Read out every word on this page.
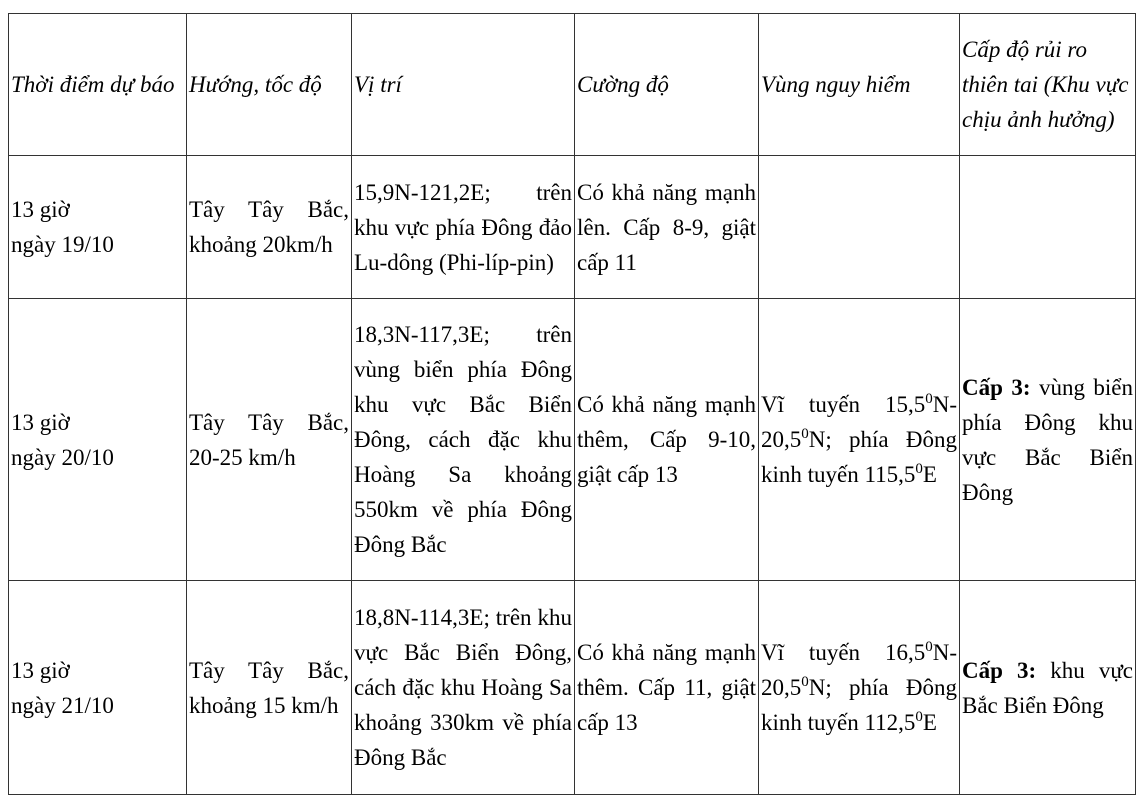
Thời điểm dự báo	Hướng, tốc độ	Vị trí	Cường độ	Vùng nguy hiểm	Cấp độ rủi ro thiên tai (Khu vực chịu ảnh hưởng)

13 giờ
ngày 19/10	Tây Tây Bắc, khoảng 20km/h	15,9N-121,2E; trên khu vực phía Đông đảo Lu-dông (Phi-líp-pin)	Có khả năng mạnh lên. Cấp 8-9, giật cấp 11		

13 giờ
ngày 20/10	Tây Tây Bắc, 20-25 km/h	18,3N-117,3E; trên vùng biển phía Đông khu vực Bắc Biển Đông, cách đặc khu Hoàng Sa khoảng 550km về phía Đông Đông Bắc	Có khả năng mạnh thêm, Cấp 9-10, giật cấp 13	Vĩ tuyến 15,5$^0$N-20,5$^0$N; phía Đông kinh tuyến 115,5$^0$E	Cấp 3: vùng biển phía Đông khu vực Bắc Biển Đông

13 giờ
ngày 21/10	Tây Tây Bắc, khoảng 15 km/h	18,8N-114,3E; trên khu vực Bắc Biển Đông, cách đặc khu Hoàng Sa khoảng 330km về phía Đông Bắc	Có khả năng mạnh thêm. Cấp 11, giật cấp 13	Vĩ tuyến 16,5$^0$N-20,5$^0$N; phía Đông kinh tuyến 112,5$^0$E	Cấp 3: khu vực Bắc Biển Đông
